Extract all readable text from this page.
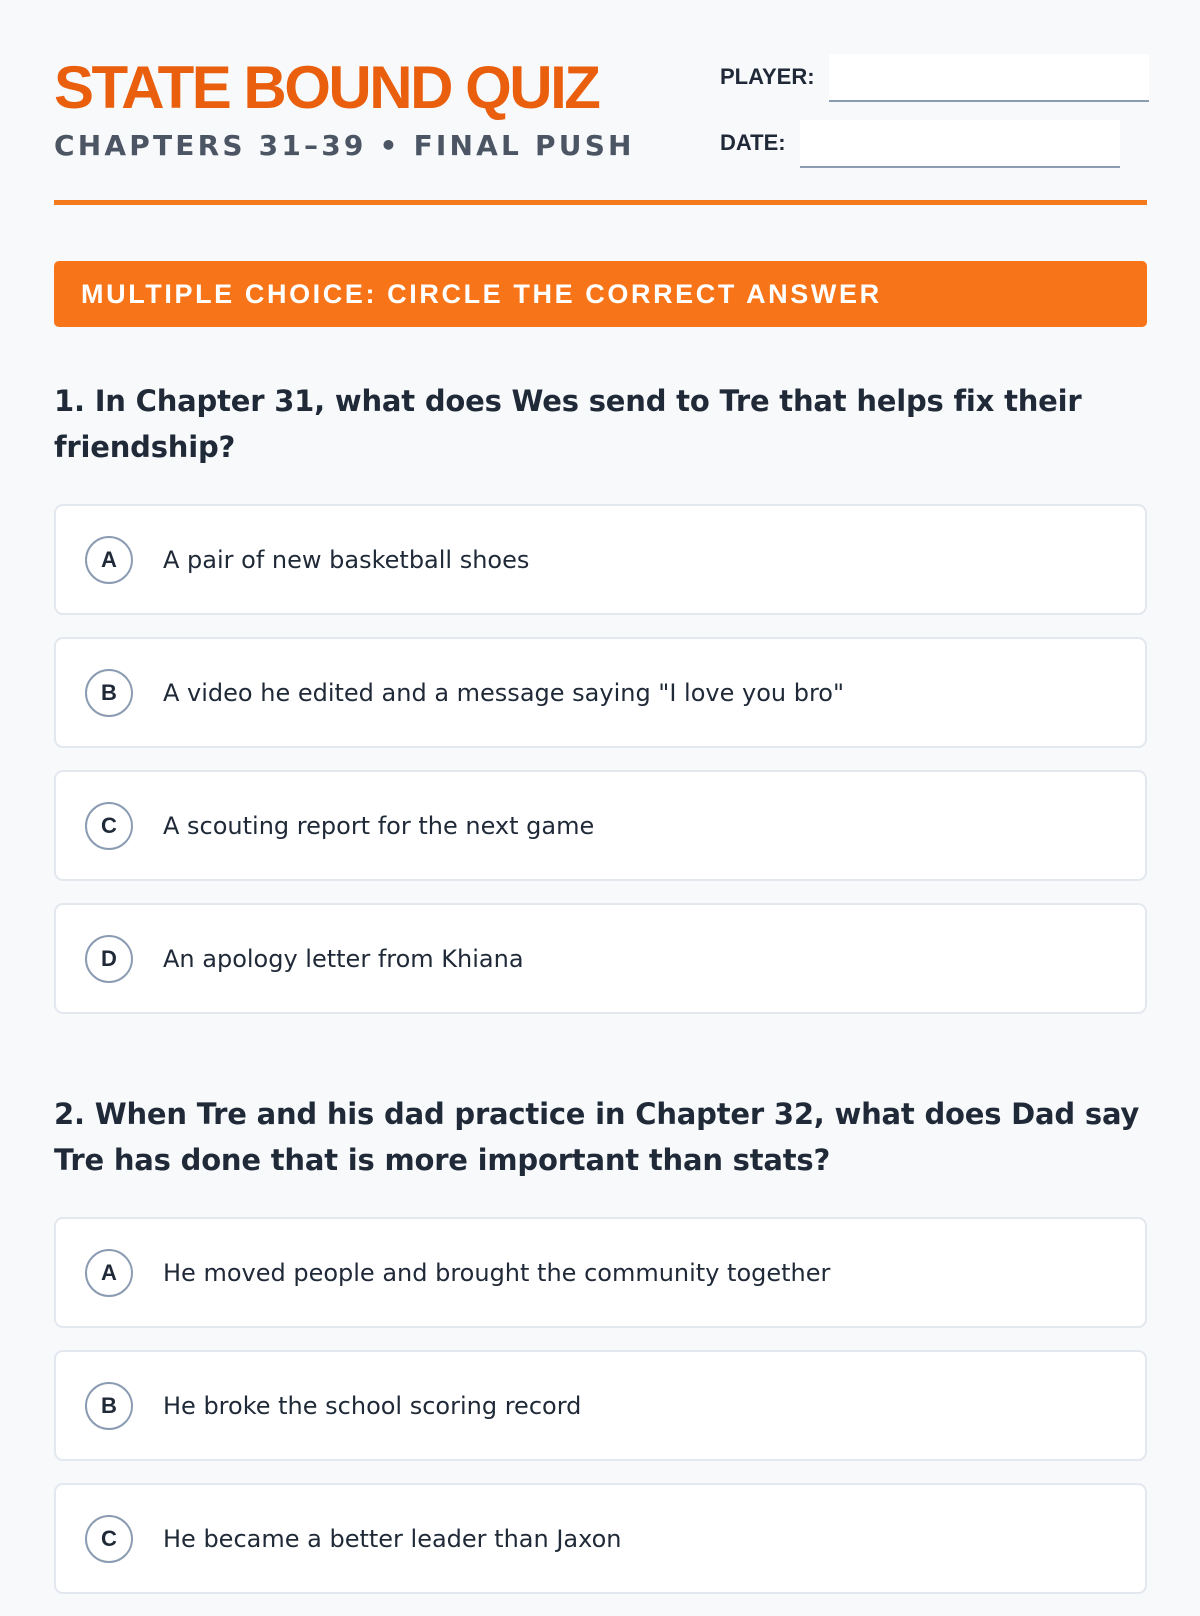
STATE BOUND QUIZ
CHAPTERS 31–39 • FINAL PUSH
PLAYER:
DATE:
MULTIPLE CHOICE: CIRCLE THE CORRECT ANSWER

1. In Chapter 31, what does Wes send to Tre that helps fix their friendship?

A	A pair of new basketball shoes
B	A video he edited and a message saying "I love you bro"
C	A scouting report for the next game
D	An apology letter from Khiana

2. When Tre and his dad practice in Chapter 32, what does Dad say Tre has done that is more important than stats?

A	He moved people and brought the community together
B	He broke the school scoring record
C	He became a better leader than Jaxon
